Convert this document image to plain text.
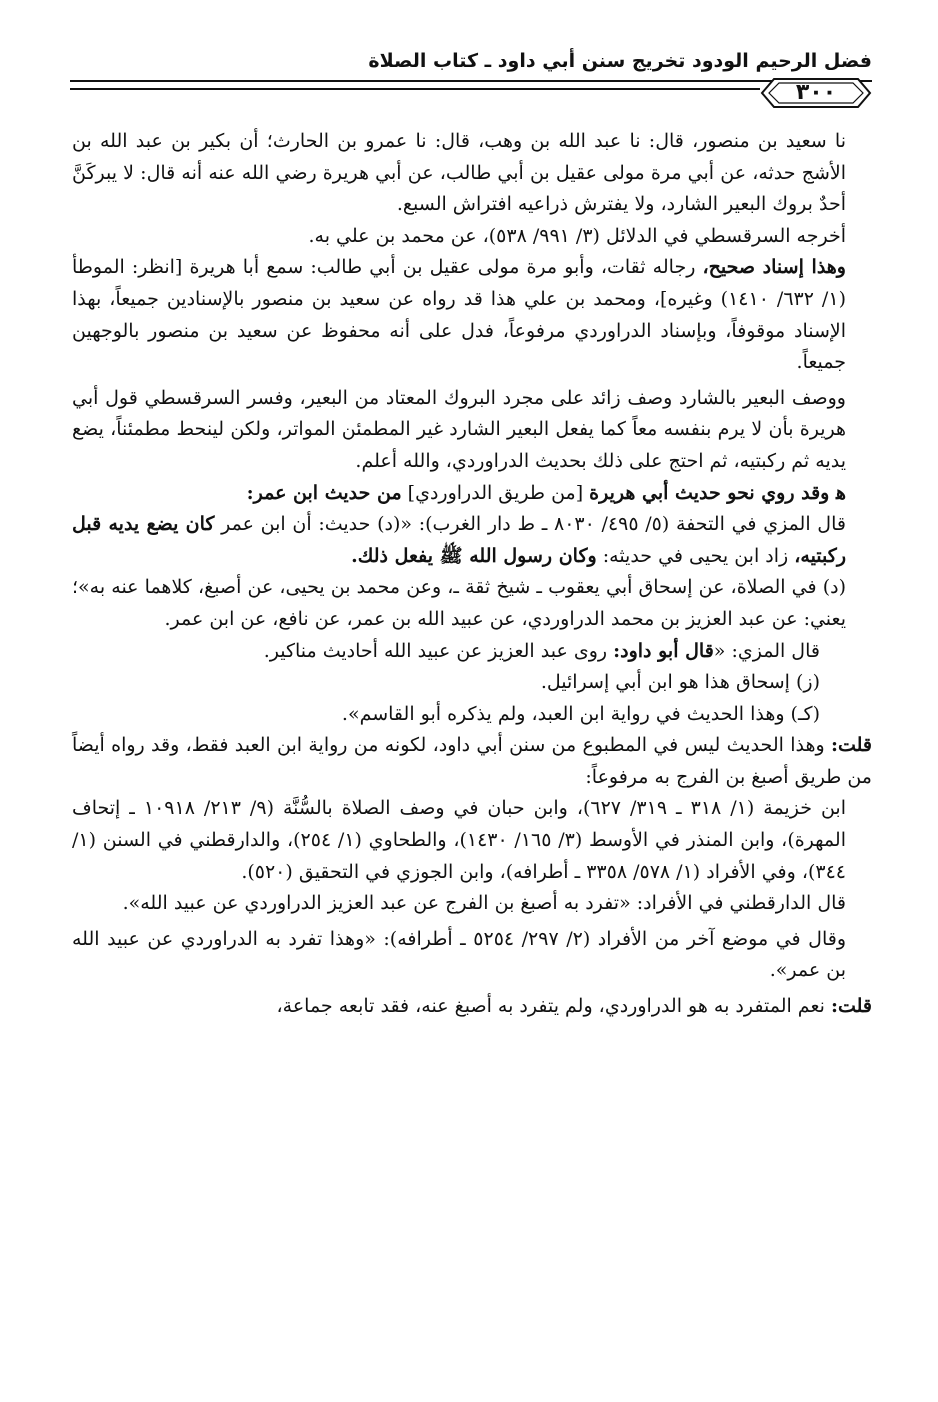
فضل الرحيم الودود تخريج سنن أبي داود ـ كتاب الصلاة
٣٠٠

نا سعيد بن منصور، قال: نا عبد الله بن وهب، قال: نا عمرو بن الحارث؛ أن بكير بن عبد الله بن الأشج حدثه، عن أبي مرة مولى عقيل بن أبي طالب، عن أبي هريرة رضي الله عنه أنه قال: لا يبركَنَّ أحدٌ بروك البعير الشارد، ولا يفترش ذراعيه افتراش السبع.

أخرجه السرقسطي في الدلائل (٣/ ٩٩١/ ٥٣٨)، عن محمد بن علي به.

وهذا إسناد صحيح، رجاله ثقات، وأبو مرة مولى عقيل بن أبي طالب: سمع أبا هريرة [انظر: الموطأ (١/ ٦٣٢/ ١٤١٠) وغيره]، ومحمد بن علي هذا قد رواه عن سعيد بن منصور بالإسنادين جميعاً، بهذا الإسناد موقوفاً، وبإسناد الدراوردي مرفوعاً، فدل على أنه محفوظ عن سعيد بن منصور بالوجهين جميعاً.

ووصف البعير بالشارد وصف زائد على مجرد البروك المعتاد من البعير، وفسر السرقسطي قول أبي هريرة بأن لا يرم بنفسه معاً كما يفعل البعير الشارد غير المطمئن المواتر، ولكن لينحط مطمئناً، يضع يديه ثم ركبتيه، ثم احتج على ذلك بحديث الدراوردي، والله أعلم.

ﻫ وقد روي نحو حديث أبي هريرة [من طريق الدراوردي] من حديث ابن عمر:

قال المزي في التحفة (٥/ ٤٩٥/ ٨٠٣٠ ـ ط دار الغرب): «(د) حديث: أن ابن عمر كان يضع يديه قبل ركبتيه، زاد ابن يحيى في حديثه: وكان رسول الله ﷺ يفعل ذلك.

(د) في الصلاة، عن إسحاق أبي يعقوب ـ شيخ ثقة ـ، وعن محمد بن يحيى، عن أصبغ، كلاهما عنه به»؛ يعني: عن عبد العزيز بن محمد الدراوردي، عن عبيد الله بن عمر، عن نافع، عن ابن عمر.

قال المزي: «قال أبو داود: روى عبد العزيز عن عبيد الله أحاديث مناكير.

(ز) إسحاق هذا هو ابن أبي إسرائيل.

(كـ) وهذا الحديث في رواية ابن العبد، ولم يذكره أبو القاسم».

قلت: وهذا الحديث ليس في المطبوع من سنن أبي داود، لكونه من رواية ابن العبد فقط، وقد رواه أيضاً من طريق أصبغ بن الفرج به مرفوعاً:

ابن خزيمة (١/ ٣١٨ ـ ٣١٩/ ٦٢٧)، وابن حبان في وصف الصلاة بالسُّنَّة (٩/ ٢١٣/ ١٠٩١٨ ـ إتحاف المهرة)، وابن المنذر في الأوسط (٣/ ١٦٥/ ١٤٣٠)، والطحاوي (١/ ٢٥٤)، والدارقطني في السنن (١/ ٣٤٤)، وفي الأفراد (١/ ٥٧٨/ ٣٣٥٨ ـ أطرافه)، وابن الجوزي في التحقيق (٥٢٠).

قال الدارقطني في الأفراد: «تفرد به أصبغ بن الفرج عن عبد العزيز الدراوردي عن عبيد الله».

وقال في موضع آخر من الأفراد (٢/ ٢٩٧/ ٥٢٥٤ ـ أطرافه): «وهذا تفرد به الدراوردي عن عبيد الله بن عمر».

قلت: نعم المتفرد به هو الدراوردي، ولم يتفرد به أصبغ عنه، فقد تابعه جماعة،
